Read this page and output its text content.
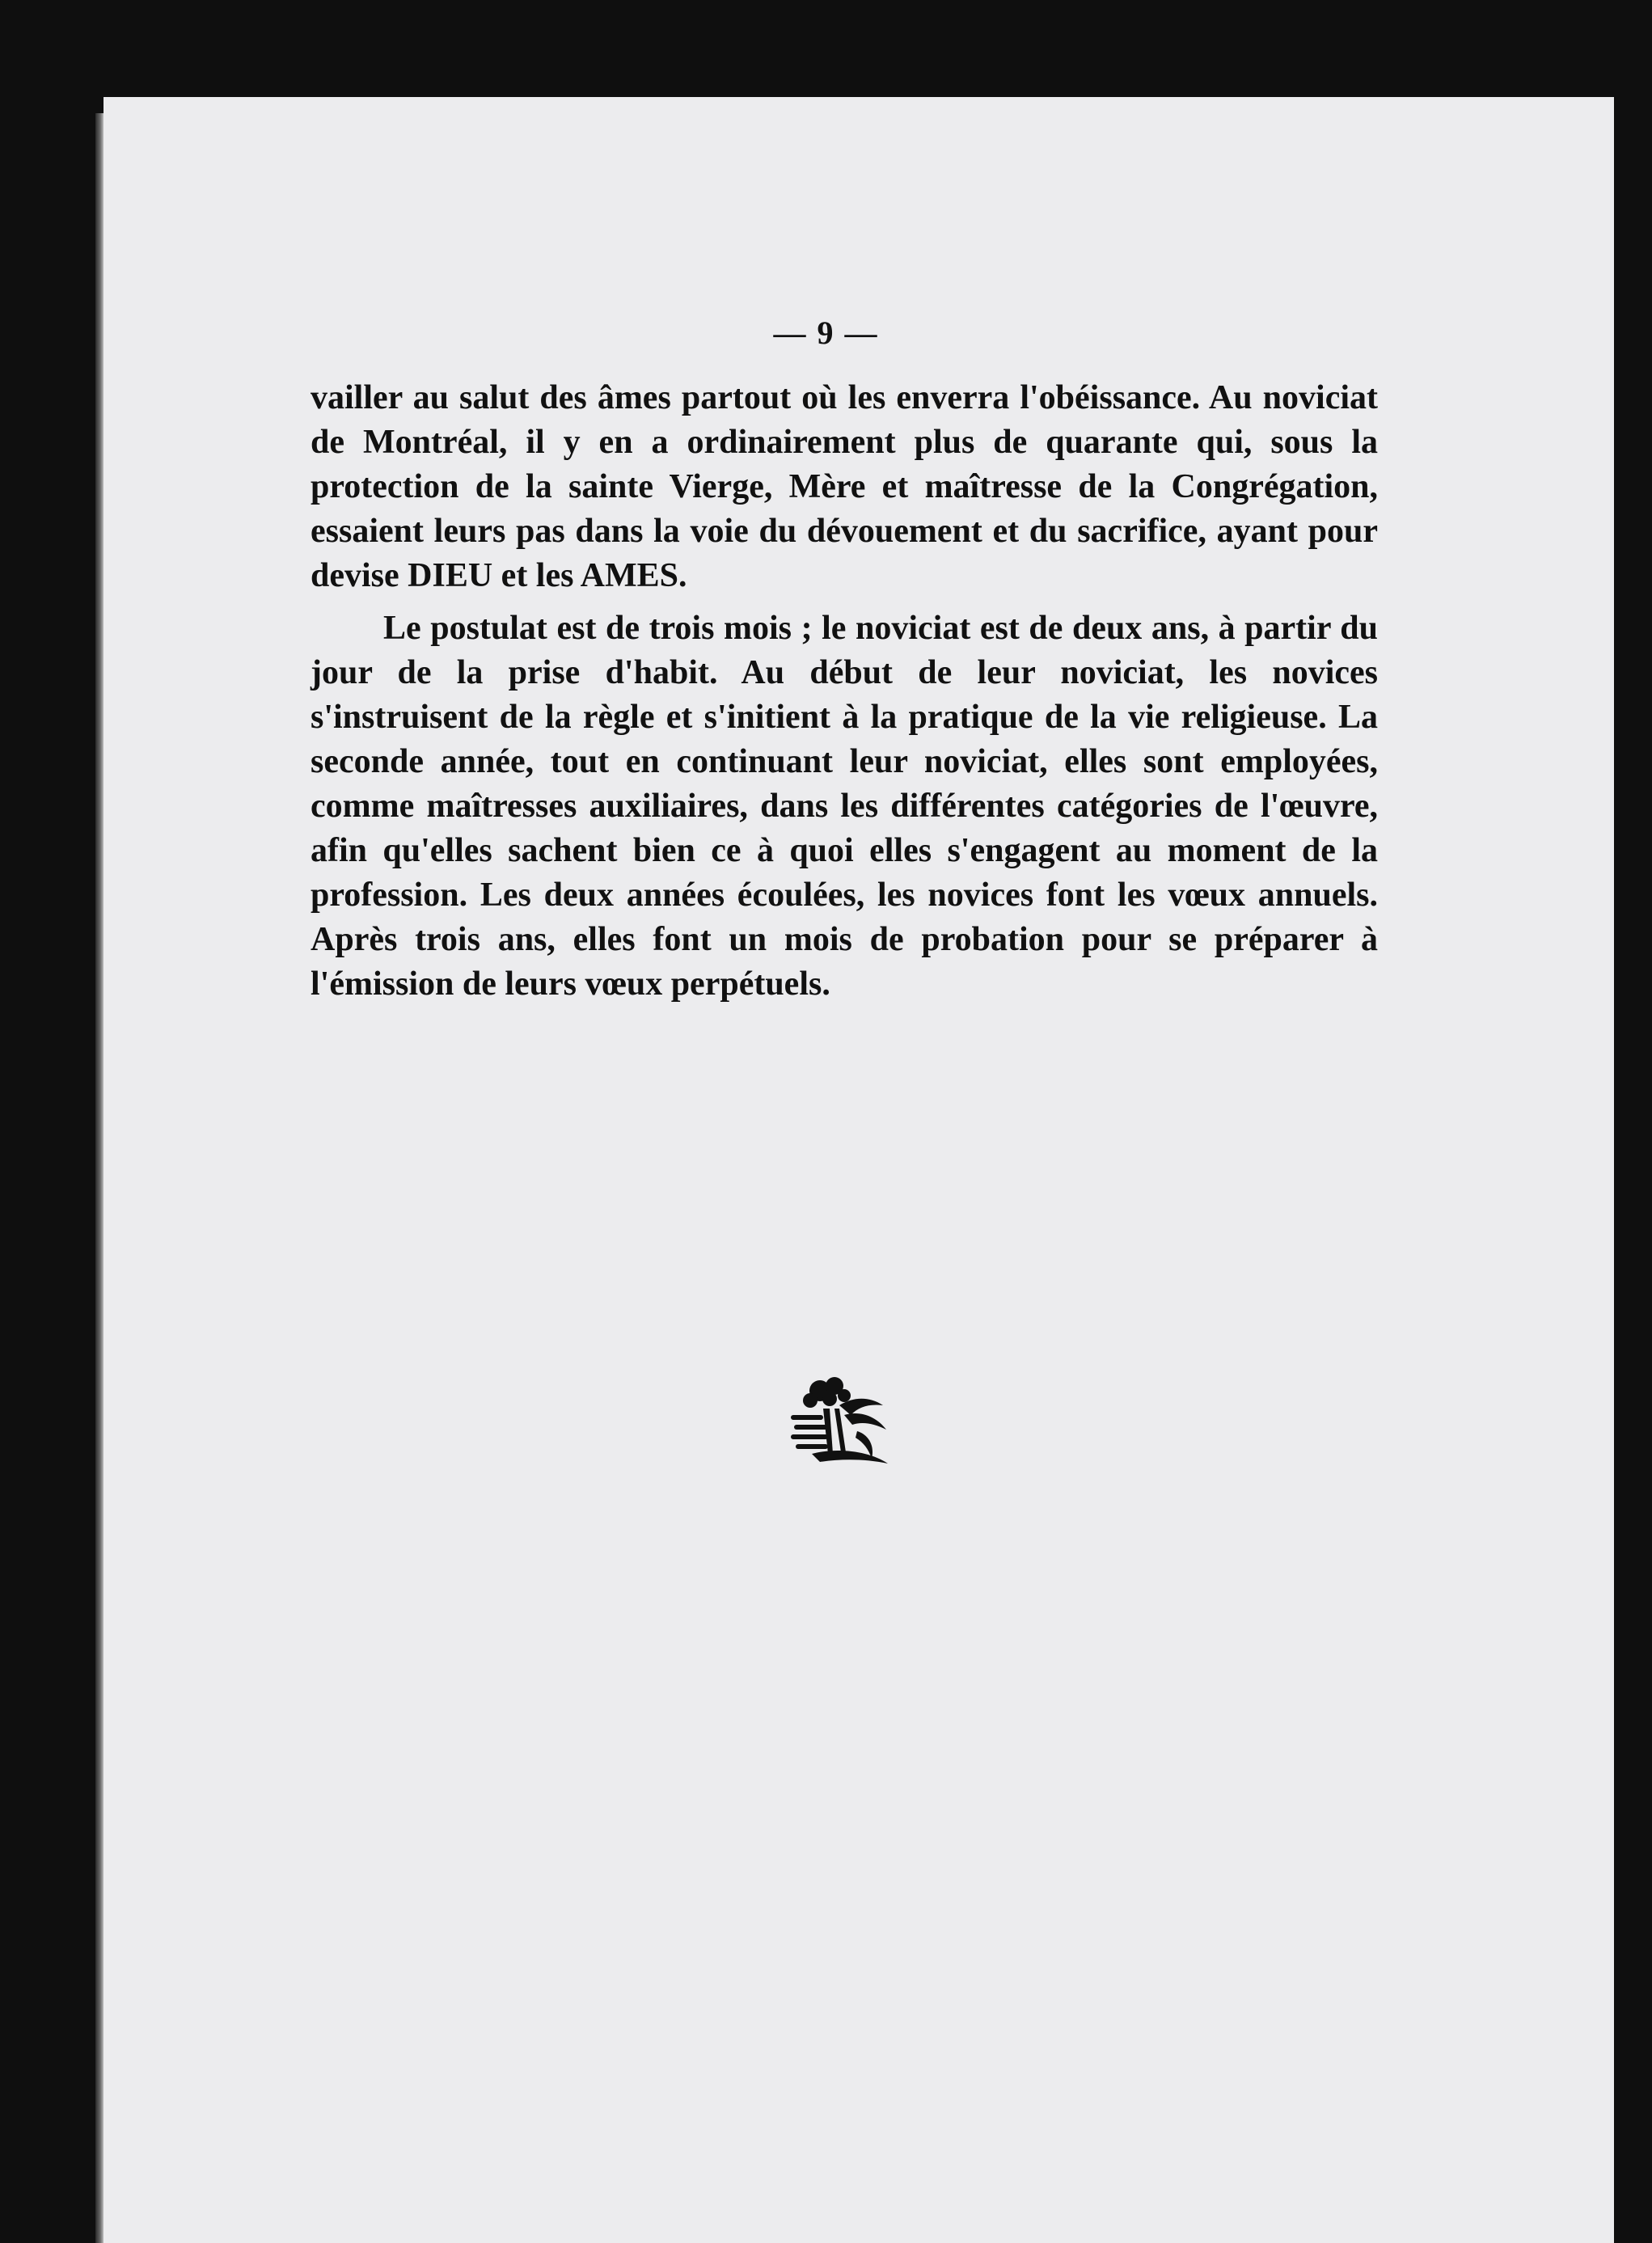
— 9 —

vailler au salut des âmes partout où les enverra l'obéissance. Au noviciat de Montréal, il y en a ordinairement plus de quarante qui, sous la protection de la sainte Vierge, Mère et maîtresse de la Congrégation, essaient leurs pas dans la voie du dévouement et du sacrifice, ayant pour devise DIEU et les AMES.

Le postulat est de trois mois ; le noviciat est de deux ans, à partir du jour de la prise d'habit. Au début de leur noviciat, les novices s'instruisent de la règle et s'initient à la pratique de la vie religieuse. La seconde année, tout en continuant leur noviciat, elles sont employées, comme maîtresses auxiliaires, dans les différentes catégories de l'œuvre, afin qu'elles sachent bien ce à quoi elles s'engagent au moment de la profession. Les deux années écoulées, les novices font les vœux annuels. Après trois ans, elles font un mois de probation pour se préparer à l'émission de leurs vœux perpétuels.
